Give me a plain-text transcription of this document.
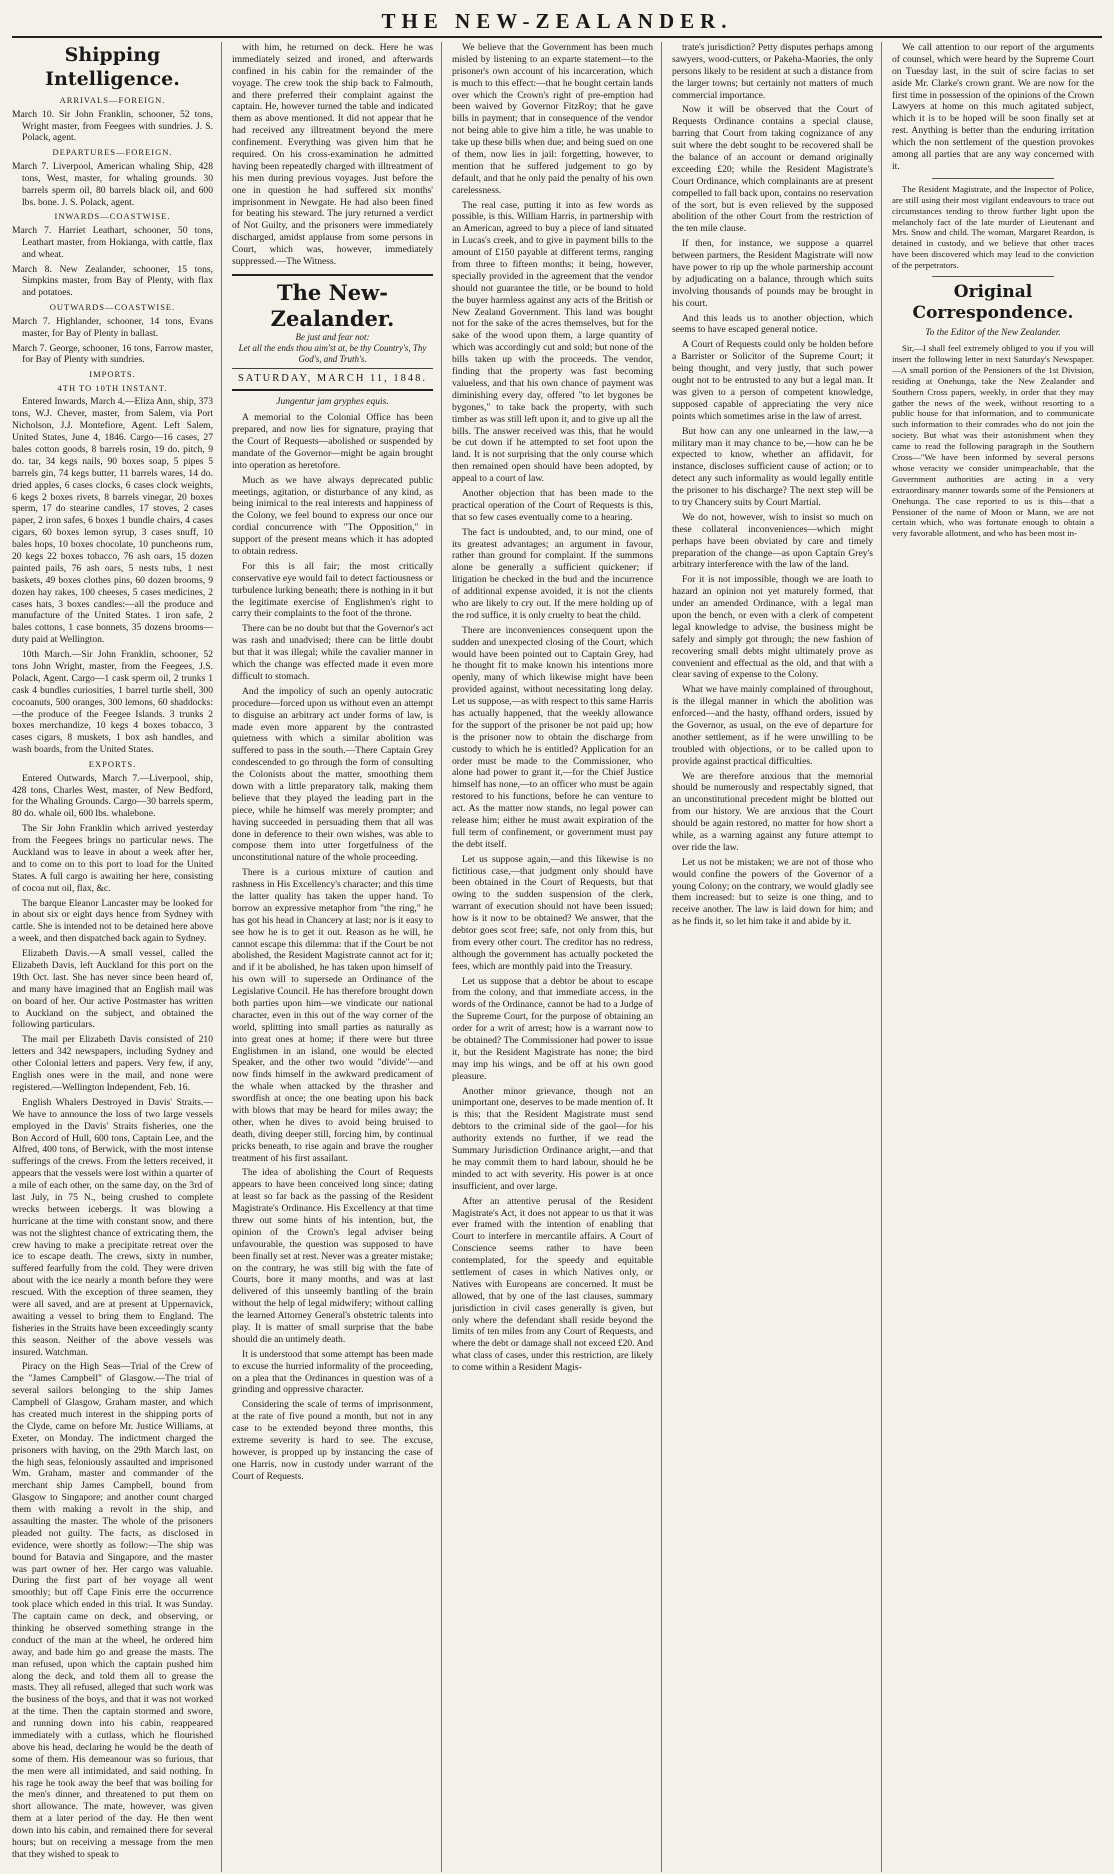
THE NEW-ZEALANDER.
Shipping Intelligence.
ARRIVALS—FOREIGN.

March 10. Sir John Franklin, schooner, 52 tons, Wright master, from Feegees with sundries. J. S. Polack, agent.

DEPARTURES—FOREIGN.

March 7. Liverpool, American whaling Ship, 428 tons, West, master, for whaling grounds. 30 barrels sperm oil, 80 barrels black oil, and 600 lbs. bone. J. S. Polack, agent.

INWARDS—COASTWISE.

March 7. Harriet Leathart, schooner, 50 tons, Leathart master, from Hokianga, with cattle, flax and wheat.

March 8. New Zealander, schooner, 15 tons, Simpkins master, from Bay of Plenty, with flax and potatoes.

OUTWARDS—COASTWISE.

March 7. Highlander, schooner, 14 tons, Evans master, for Bay of Plenty in ballast.

March 7. George, schooner, 16 tons, Farrow master, for Bay of Plenty with sundries.

IMPORTS.
4TH TO 10TH INSTANT.

Entered Inwards, March 4.—Eliza Ann, ship, 373 tons, W.J. Chever, master, from Salem, via Port Nicholson, J.J. Montefiore, Agent. Left Salem, United States, June 4, 1846. Cargo—16 cases, 27 bales cotton goods, 8 barrels rosin, 19 do. pitch, 9 do. tar, 34 kegs nails, 90 boxes soap, 5 pipes 5 barrels gin, 74 kegs butter, 11 barrels wares, 14 do. dried apples, 6 cases clocks, 6 cases clock weights, 6 kegs 2 boxes rivets, 8 barrels vinegar, 20 boxes sperm, 17 do stearine candles, 17 stoves, 2 cases paper, 2 iron safes, 6 boxes 1 bundle chairs, 4 cases cigars, 60 boxes lemon syrup, 3 cases snuff, 10 bales hops, 10 boxes chocolate, 10 puncheons rum, 20 kegs 22 boxes tobacco, 76 ash oars, 15 dozen painted pails, 76 ash oars, 5 nests tubs, 1 nest baskets, 49 boxes clothes pins, 60 dozen brooms, 9 dozen hay rakes, 100 cheeses, 5 cases medicines, 2 cases hats, 3 boxes candles:—all the produce and manufacture of the United States. 1 iron safe, 2 bales cottons, 1 case bonnets, 35 dozens brooms—duty paid at Wellington.

10th March.—Sir John Franklin, schooner, 52 tons John Wright, master, from the Feegees, J.S. Polack, Agent. Cargo—1 cask sperm oil, 2 trunks 1 cask 4 bundles curiosities, 1 barrel turtle shell, 300 cocoanuts, 500 oranges, 300 lemons, 60 shaddocks:—the produce of the Feegee Islands. 3 trunks 2 boxes merchandize, 10 kegs 4 boxes tobacco, 3 cases cigars, 8 muskets, 1 box ash handles, and wash boards, from the United States.

EXPORTS.

Entered Outwards, March 7.—Liverpool, ship, 428 tons, Charles West, master, of New Bedford, for the Whaling Grounds. Cargo—30 barrels sperm, 80 do. whale oil, 600 lbs. whalebone.

The Sir John Franklin which arrived yesterday from the Feegees brings no particular news. The Auckland was to leave in about a week after her, and to come on to this port to load for the United States. A full cargo is awaiting her here, consisting of cocoa nut oil, flax, &c.

The barque Eleanor Lancaster may be looked for in about six or eight days hence from Sydney with cattle. She is intended not to be detained here above a week, and then dispatched back again to Sydney.

Elizabeth Davis.—A small vessel, called the Elizabeth Davis, left Auckland for this port on the 19th Oct. last. She has never since been heard of, and many have imagined that an English mail was on board of her. Our active Postmaster has written to Auckland on the subject, and obtained the following particulars.

The mail per Elizabeth Davis consisted of 210 letters and 342 newspapers, including Sydney and other Colonial letters and papers. Very few, if any, English ones were in the mail, and none were registered.—Wellington Independent, Feb. 16.

English Whalers Destroyed in Davis' Straits.—We have to announce the loss of two large vessels employed in the Davis' Straits fisheries, one the Bon Accord of Hull, 600 tons, Captain Lee, and the Alfred, 400 tons, of Berwick, with the most intense sufferings of the crews. From the letters received, it appears that the vessels were lost within a quarter of a mile of each other, on the same day, on the 3rd of last July, in 75 N., being crushed to complete wrecks between icebergs. It was blowing a hurricane at the time with constant snow, and there was not the slightest chance of extricating them, the crew having to make a precipitate retreat over the ice to escape death. The crews, sixty in number, suffered fearfully from the cold. They were driven about with the ice nearly a month before they were rescued. With the exception of three seamen, they were all saved, and are at present at Uppernavick, awaiting a vessel to bring them to England. The fisheries in the Straits have been exceedingly scanty this season. Neither of the above vessels was insured. Watchman.

Piracy on the High Seas—Trial of the Crew of the "James Campbell" of Glasgow.—The trial of several sailors belonging to the ship James Campbell of Glasgow, Graham master, and which has created much interest in the shipping ports of the Clyde, came on before Mr. Justice Williams, at Exeter, on Monday. The indictment charged the prisoners with having, on the 29th March last, on the high seas, feloniously assaulted and imprisoned Wm. Graham, master and commander of the merchant ship James Campbell, bound from Glasgow to Singapore; and another count charged them with making a revolt in the ship, and assaulting the master. The whole of the prisoners pleaded not guilty. The facts, as disclosed in evidence, were shortly as follow:—The ship was bound for Batavia and Singapore, and the master was part owner of her. Her cargo was valuable. During the first part of her voyage all went smoothly; but off Cape Finis erre the occurrence took place which ended in this trial. It was Sunday. The captain came on deck, and observing, or thinking he observed something strange in the conduct of the man at the wheel, he ordered him away, and bade him go and grease the masts. The man refused, upon which the captain pushed him along the deck, and told them all to grease the masts. They all refused, alleged that such work was the business of the boys, and that it was not worked at the time. Then the captain stormed and swore, and running down into his cabin, reappeared immediately with a cutlass, which he flourished above his head, declaring he would be the death of some of them. His demeanour was so furious, that the men were all intimidated, and said nothing. In his rage he took away the beef that was boiling for the men's dinner, and threatened to put them on short allowance. The mate, however, was given them at a later period of the day. He then went down into his cabin, and remained there for several hours; but on receiving a message from the men that they wished to speak to

with him, he returned on deck. Here he was immediately seized and ironed, and afterwards confined in his cabin for the remainder of the voyage. The crew took the ship back to Falmouth, and there preferred their complaint against the captain. He, however turned the table and indicated them as above mentioned. It did not appear that he had received any illtreatment beyond the mere confinement. Everything was given him that he required. On his cross-examination he admitted having been repeatedly charged with illtreatment of his men during previous voyages. Just before the one in question he had suffered six months' imprisonment in Newgate. He had also been fined for beating his steward. The jury returned a verdict of Not Guilty, and the prisoners were immediately discharged, amidst applause from some persons in Court, which was, however, immediately suppressed.—The Witness.

The New-Zealander.
Be just and fear not:
Let all the ends thou aim'st at, be thy Country's, Thy God's, and Truth's.
SATURDAY, MARCH 11, 1848.
Jungentur jam gryphes equis.

A memorial to the Colonial Office has been prepared, and now lies for signature, praying that the Court of Requests—abolished or suspended by mandate of the Governor—might be again brought into operation as heretofore.

Much as we have always deprecated public meetings, agitation, or disturbance of any kind, as being inimical to the real interests and happiness of the Colony, we feel bound to express our once our cordial concurrence with "The Opposition," in support of the present means which it has adopted to obtain redress.

For this is all fair; the most critically conservative eye would fail to detect factiousness or turbulence lurking beneath; there is nothing in it but the legitimate exercise of Englishmen's right to carry their complaints to the foot of the throne.

There can be no doubt but that the Governor's act was rash and unadvised; there can be little doubt but that it was illegal; while the cavalier manner in which the change was effected made it even more difficult to stomach.

And the impolicy of such an openly autocratic procedure—forced upon us without even an attempt to disguise an arbitrary act under forms of law, is made even more apparent by the contrasted quietness with which a similar abolition was suffered to pass in the south.—There Captain Grey condescended to go through the form of consulting the Colonists about the matter, smoothing them down with a little preparatory talk, making them believe that they played the leading part in the piece, while he himself was merely prompter; and having succeeded in persuading them that all was done in deference to their own wishes, was able to compose them into utter forgetfulness of the unconstitutional nature of the whole proceeding.

There is a curious mixture of caution and rashness in His Excellency's character; and this time the latter quality has taken the upper hand. To borrow an expressive metaphor from "the ring," he has got his head in Chancery at last; nor is it easy to see how he is to get it out. Reason as he will, he cannot escape this dilemma: that if the Court be not abolished, the Resident Magistrate cannot act for it; and if it be abolished, he has taken upon himself of his own will to supersede an Ordinance of the Legislative Council. He has therefore brought down both parties upon him—we vindicate our national character, even in this out of the way corner of the world, splitting into small parties as naturally as into great ones at home; if there were but three Englishmen in an island, one would be elected Speaker, and the other two would "divide"—and now finds himself in the awkward predicament of the whale when attacked by the thrasher and swordfish at once; the one beating upon his back with blows that may be heard for miles away; the other, when he dives to avoid being bruised to death, diving deeper still, forcing him, by continual pricks beneath, to rise again and brave the rougher treatment of his first assailant.

The idea of abolishing the Court of Requests appears to have been conceived long since; dating at least so far back as the passing of the Resident Magistrate's Ordinance. His Excellency at that time threw out some hints of his intention, but, the opinion of the Crown's legal adviser being unfavourable, the question was supposed to have been finally set at rest. Never was a greater mistake; on the contrary, he was still big with the fate of Courts, bore it many months, and was at last delivered of this unseemly bantling of the brain without the help of legal midwifery; without calling the learned Attorney General's obstetric talents into play. It is matter of small surprise that the babe should die an untimely death.

It is understood that some attempt has been made to excuse the hurried informality of the proceeding, on a plea that the Ordinances in question was of a grinding and oppressive character.

Considering the scale of terms of imprisonment, at the rate of five pound a month, but not in any case to be extended beyond three months, this extreme severity is hard to see. The excuse, however, is propped up by instancing the case of one Harris, now in custody under warrant of the Court of Requests.

We believe that the Government has been much misled by listening to an exparte statement—to the prisoner's own account of his incarceration, which is much to this effect:—that he bought certain lands over which the Crown's right of pre-emption had been waived by Governor FitzRoy; that he gave bills in payment; that in consequence of the vendor not being able to give him a title, he was unable to take up these bills when due; and being sued on one of them, now lies in jail: forgetting, however, to mention that he suffered judgement to go by default, and that he only paid the penalty of his own carelessness.

The real case, putting it into as few words as possible, is this. William Harris, in partnership with an American, agreed to buy a piece of land situated in Lucas's creek, and to give in payment bills to the amount of £150 payable at different terms, ranging from three to fifteen months; it being, however, specially provided in the agreement that the vendor should not guarantee the title, or be bound to hold the buyer harmless against any acts of the British or New Zealand Government. This land was bought not for the sake of the acres themselves, but for the sake of the wood upon them, a large quantity of which was accordingly cut and sold; but none of the bills taken up with the proceeds. The vendor, finding that the property was fast becoming valueless, and that his own chance of payment was diminishing every day, offered "to let bygones be bygones," to take back the property, with such timber as was still left upon it, and to give up all the bills. The answer received was this, that he would be cut down if he attempted to set foot upon the land. It is not surprising that the only course which then remained open should have been adopted, by appeal to a court of law.

Another objection that has been made to the practical operation of the Court of Requests is this, that so few cases eventually come to a hearing.

The fact is undoubted, and, to our mind, one of its greatest advantages; an argument in favour, rather than ground for complaint. If the summons alone be generally a sufficient quickener; if litigation be checked in the bud and the incurrence of additional expense avoided, it is not the clients who are likely to cry out. If the mere holding up of the rod suffice, it is only cruelty to beat the child.

There are inconveniences consequent upon the sudden and unexpected closing of the Court, which would have been pointed out to Captain Grey, had he thought fit to make known his intentions more openly, many of which likewise might have been provided against, without necessitating long delay. Let us suppose,—as with respect to this same Harris has actually happened, that the weekly allowance for the support of the prisoner be not paid up; how is the prisoner now to obtain the discharge from custody to which he is entitled? Application for an order must be made to the Commissioner, who alone had power to grant it,—for the Chief Justice himself has none,—to an officer who must be again restored to his functions, before he can venture to act. As the matter now stands, no legal power can release him; either he must await expiration of the full term of confinement, or government must pay the debt itself.

Let us suppose again,—and this likewise is no fictitious case,—that judgment only should have been obtained in the Court of Requests, but that owing to the sudden suspension of the clerk, warrant of execution should not have been issued; how is it now to be obtained? We answer, that the debtor goes scot free; safe, not only from this, but from every other court. The creditor has no redress, although the government has actually pocketed the fees, which are monthly paid into the Treasury.

Let us suppose that a debtor be about to escape from the colony, and that immediate access, in the words of the Ordinance, cannot be had to a Judge of the Supreme Court, for the purpose of obtaining an order for a writ of arrest; how is a warrant now to be obtained? The Commissioner had power to issue it, but the Resident Magistrate has none; the bird may imp his wings, and be off at his own good pleasure.

Another minor grievance, though not an unimportant one, deserves to be made mention of. It is this; that the Resident Magistrate must send debtors to the criminal side of the gaol—for his authority extends no further, if we read the Summary Jurisdiction Ordinance aright,—and that he may commit them to hard labour, should he be minded to act with severity. His power is at once insufficient, and over large.

After an attentive perusal of the Resident Magistrate's Act, it does not appear to us that it was ever framed with the intention of enabling that Court to interfere in mercantile affairs. A Court of Conscience seems rather to have been contemplated, for the speedy and equitable settlement of cases in which Natives only, or Natives with Europeans are concerned. It must be allowed, that by one of the last clauses, summary jurisdiction in civil cases generally is given, but only where the defendant shall reside beyond the limits of ten miles from any Court of Requests, and where the debt or damage shall not exceed £20. And what class of cases, under this restriction, are likely to come within a Resident Magis-

trate's jurisdiction? Petty disputes perhaps among sawyers, wood-cutters, or Pakeha-Maories, the only persons likely to be resident at such a distance from the larger towns; but certainly not matters of much commercial importance.

Now it will be observed that the Court of Requests Ordinance contains a special clause, barring that Court from taking cognizance of any suit where the debt sought to be recovered shall be the balance of an account or demand originally exceeding £20; while the Resident Magistrate's Court Ordinance, which complainants are at present compelled to fall back upon, contains no reservation of the sort, but is even relieved by the supposed abolition of the other Court from the restriction of the ten mile clause.

If then, for instance, we suppose a quarrel between partners, the Resident Magistrate will now have power to rip up the whole partnership account by adjudicating on a balance, through which suits involving thousands of pounds may be brought in his court.

And this leads us to another objection, which seems to have escaped general notice.

A Court of Requests could only be holden before a Barrister or Solicitor of the Supreme Court; it being thought, and very justly, that such power ought not to be entrusted to any but a legal man. It was given to a person of competent knowledge, supposed capable of appreciating the very nice points which sometimes arise in the law of arrest.

But how can any one unlearned in the law,—a military man it may chance to be,—how can he be expected to know, whether an affidavit, for instance, discloses sufficient cause of action; or to detect any such informality as would legally entitle the prisoner to his discharge? The next step will be to try Chancery suits by Court Martial.

We do not, however, wish to insist so much on these collateral inconveniences—which might perhaps have been obviated by care and timely preparation of the change—as upon Captain Grey's arbitrary interference with the law of the land.

For it is not impossible, though we are loath to hazard an opinion not yet maturely formed, that under an amended Ordinance, with a legal man upon the bench, or even with a clerk of competent legal knowledge to advise, the business might be safely and simply got through; the new fashion of recovering small debts might ultimately prove as convenient and effectual as the old, and that with a clear saving of expense to the Colony.

What we have mainly complained of throughout, is the illegal manner in which the abolition was enforced—and the hasty, offhand orders, issued by the Governor, as usual, on the eve of departure for another settlement, as if he were unwilling to be troubled with objections, or to be called upon to provide against practical difficulties.

We are therefore anxious that the memorial should be numerously and respectably signed, that an unconstitutional precedent might be blotted out from our history. We are anxious that the Court should be again restored, no matter for how short a while, as a warning against any future attempt to over ride the law.

Let us not be mistaken; we are not of those who would confine the powers of the Governor of a young Colony; on the contrary, we would gladly see them increased: but to seize is one thing, and to receive another. The law is laid down for him; and as he finds it, so let him take it and abide by it.

We call attention to our report of the arguments of counsel, which were heard by the Supreme Court on Tuesday last, in the suit of scire facias to set aside Mr. Clarke's crown grant. We are now for the first time in possession of the opinions of the Crown Lawyers at home on this much agitated subject, which it is to be hoped will be soon finally set at rest. Anything is better than the enduring irritation which the non settlement of the question provokes among all parties that are any way concerned with it.

The Resident Magistrate, and the Inspector of Police, are still using their most vigilant endeavours to trace out circumstances tending to throw further light upon the melancholy fact of the late murder of Lieutenant and Mrs. Snow and child. The woman, Margaret Reardon, is detained in custody, and we believe that other traces have been discovered which may lead to the conviction of the perpetrators.

Original Correspondence.
To the Editor of the New Zealander.

Sir,—I shall feel extremely obliged to you if you will insert the following letter in next Saturday's Newspaper.—A small portion of the Pensioners of the 1st Division, residing at Onehunga, take the New Zealander and Southern Cross papers, weekly, in order that they may gather the news of the week, without resorting to a public house for that information, and to communicate such information to their comrades who do not join the society. But what was their astonishment when they came to read the following paragraph in the Southern Cross—"We have been informed by several persons whose veracity we consider unimpeachable, that the Government authorities are acting in a very extraordinary manner towards some of the Pensioners at Onehunga. The case reported to us is this—that a Pensioner of the name of Moon or Mann, we are not certain which, who was fortunate enough to obtain a very favorable allotment, and who has been most in-
